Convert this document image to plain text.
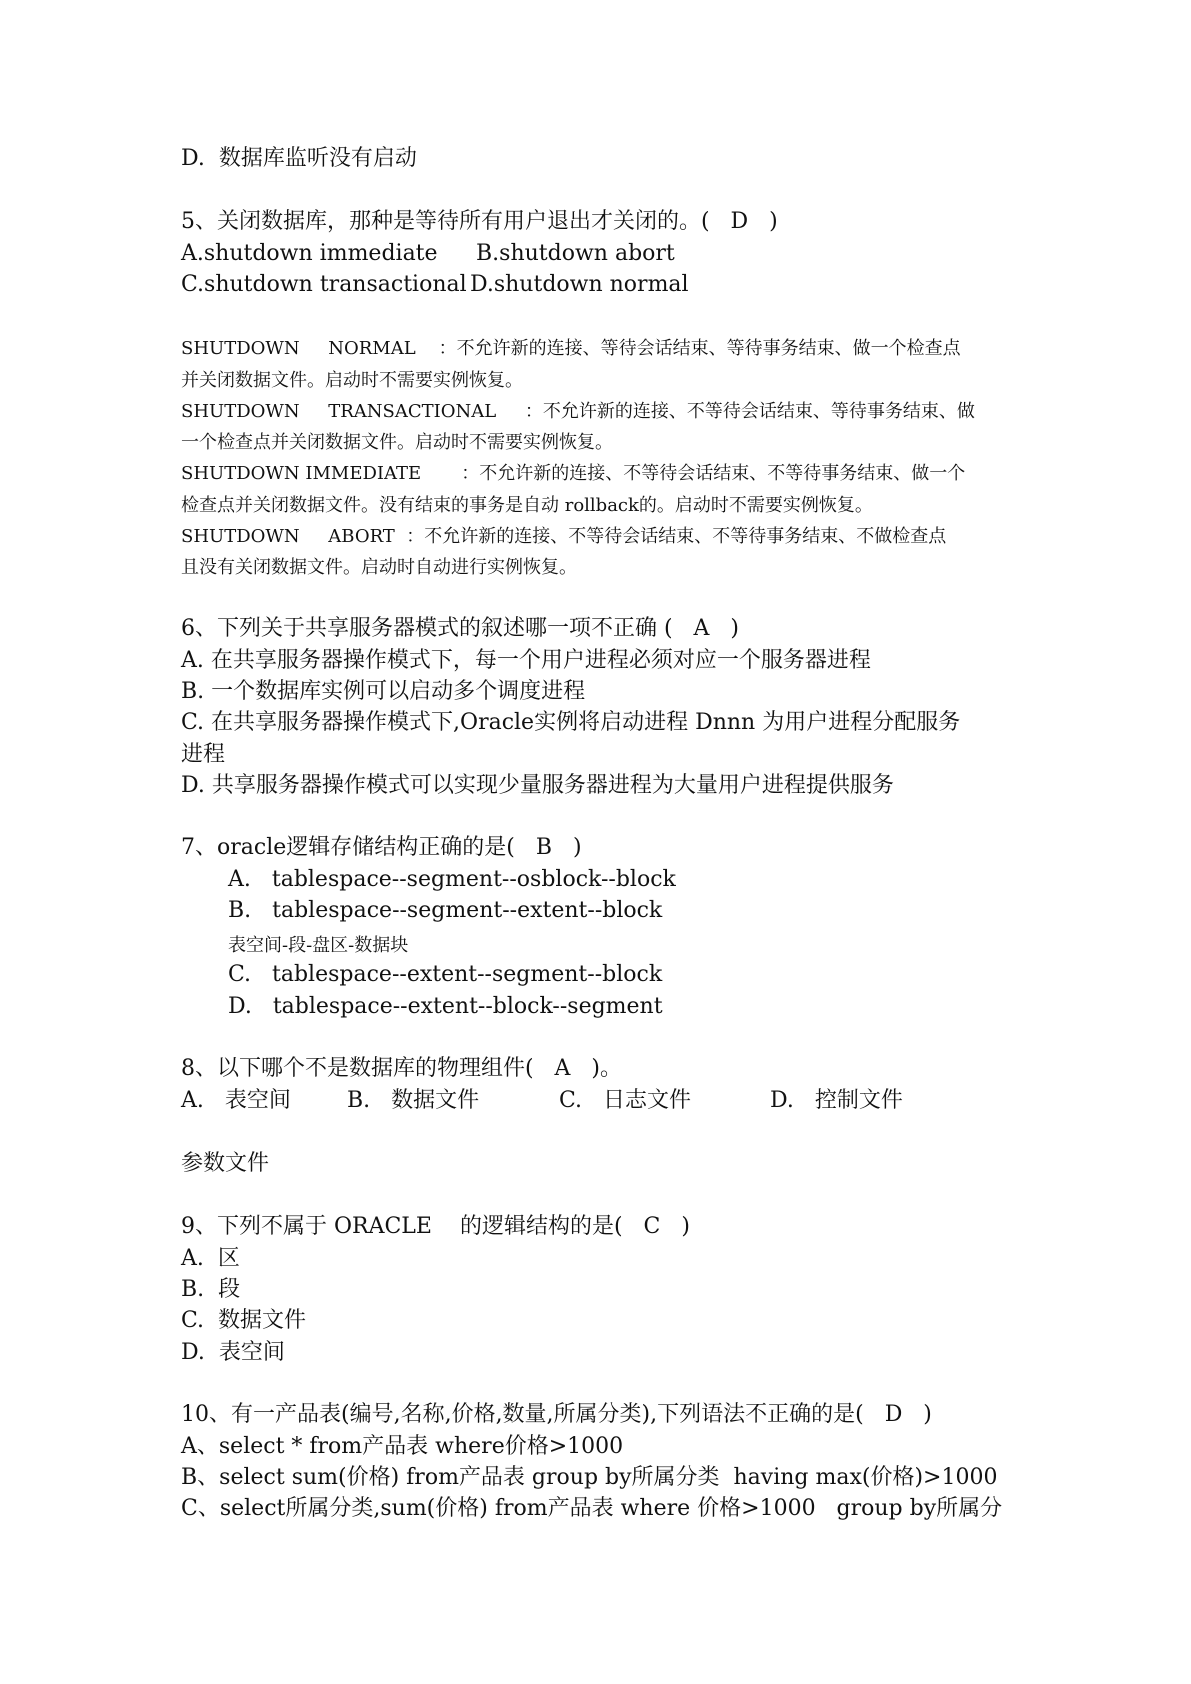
D.  数据库监听没有启动
5、关闭数据库，那种是等待所有用户退出才关闭的。(   D   )
A.shutdown immediate B.shutdown abort
C.shutdown transactional D.shutdown normal
SHUTDOWN     NORMAL    ：不允许新的连接、等待会话结束、等待事务结束、做一个检查点
并关闭数据文件。启动时不需要实例恢复。
SHUTDOWN     TRANSACTIONAL     ：不允许新的连接、不等待会话结束、等待事务结束、做
一个检查点并关闭数据文件。启动时不需要实例恢复。
SHUTDOWN IMMEDIATE       ：不允许新的连接、不等待会话结束、不等待事务结束、做一个
检查点并关闭数据文件。没有结束的事务是自动 rollback的。启动时不需要实例恢复。
SHUTDOWN     ABORT  ：不允许新的连接、不等待会话结束、不等待事务结束、不做检查点
且没有关闭数据文件。启动时自动进行实例恢复。
6、下列关于共享服务器模式的叙述哪一项不正确 (   A   )
A. 在共享服务器操作模式下，每一个用户进程必须对应一个服务器进程
B. 一个数据库实例可以启动多个调度进程
C. 在共享服务器操作模式下,Oracle实例将启动进程 Dnnn 为用户进程分配服务
进程
D. 共享服务器操作模式可以实现少量服务器进程为大量用户进程提供服务
7、oracle逻辑存储结构正确的是(   B   )
A.   tablespace--segment--osblock--block
B.   tablespace--segment--extent--block
表空间-段-盘区-数据块
C.   tablespace--extent--segment--block
D.   tablespace--extent--block--segment
8、以下哪个不是数据库的物理组件(   A   )。
A.   表空间	B.   数据文件	C.   日志文件	D.   控制文件
参数文件
9、下列不属于 ORACLE    的逻辑结构的是(   C   )
A.  区
B.  段
C.  数据文件
D.  表空间
10、有一产品表(编号,名称,价格,数量,所属分类),下列语法不正确的是(   D   )
A、select * from产品表 where价格>1000
B、select sum(价格) from产品表 group by所属分类  having max(价格)>1000
C、select所属分类,sum(价格) from产品表 where 价格>1000   group by所属分
